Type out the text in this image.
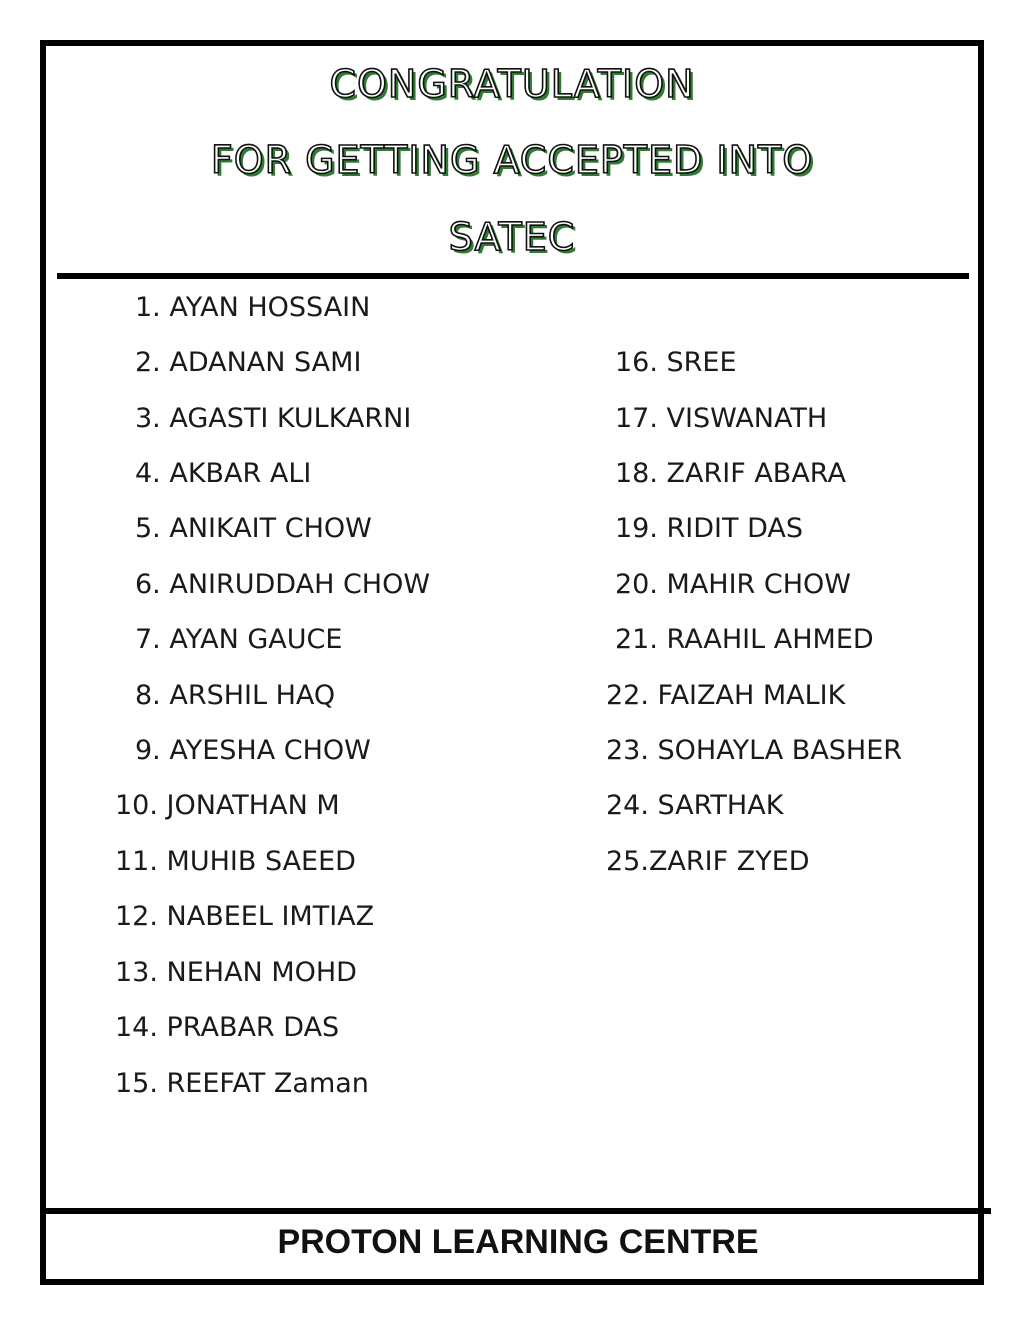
CONGRATULATION
FOR GETTING ACCEPTED INTO
SATEC
1. AYAN HOSSAIN
2. ADANAN SAMI
3. AGASTI KULKARNI
4. AKBAR ALI
5. ANIKAIT CHOW
6. ANIRUDDAH CHOW
7. AYAN GAUCE
8. ARSHIL HAQ
9. AYESHA CHOW
10. JONATHAN M
11. MUHIB SAEED
12. NABEEL IMTIAZ
13. NEHAN MOHD
14. PRABAR DAS
15. REEFAT Zaman
16. SREE
17. VISWANATH
18. ZARIF ABARA
19. RIDIT DAS
20. MAHIR CHOW
21. RAAHIL AHMED
22. FAIZAH MALIK
23. SOHAYLA BASHER
24. SARTHAK
25.ZARIF ZYED
PROTON LEARNING CENTRE
